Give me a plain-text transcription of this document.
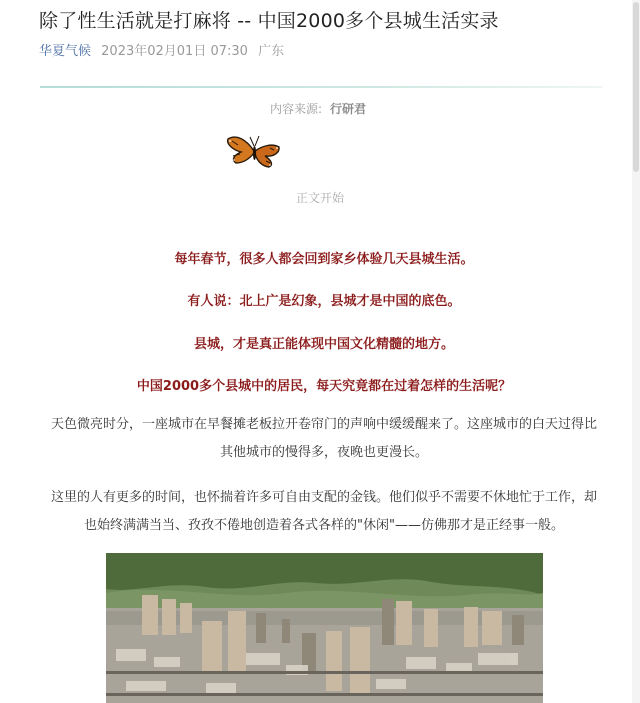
除了性生活就是打麻将 -- 中国2000多个县城生活实录
华夏气候 2023年02月01日 07:30 广东
内容来源: 行研君
正文开始

每年春节，很多人都会回到家乡体验几天县城生活。

有人说：北上广是幻象，县城才是中国的底色。

县城，才是真正能体现中国文化精髓的地方。

中国2000多个县城中的居民，每天究竟都在过着怎样的生活呢？

天色微亮时分，一座城市在早餐摊老板拉开卷帘门的声响中缓缓醒来了。这座城市的白天过得比
其他城市的慢得多，夜晚也更漫长。

这里的人有更多的时间，也怀揣着许多可自由支配的金钱。他们似乎不需要不休地忙于工作，却
也始终满满当当、孜孜不倦地创造着各式各样的"休闲"——仿佛那才是正经事一般。
